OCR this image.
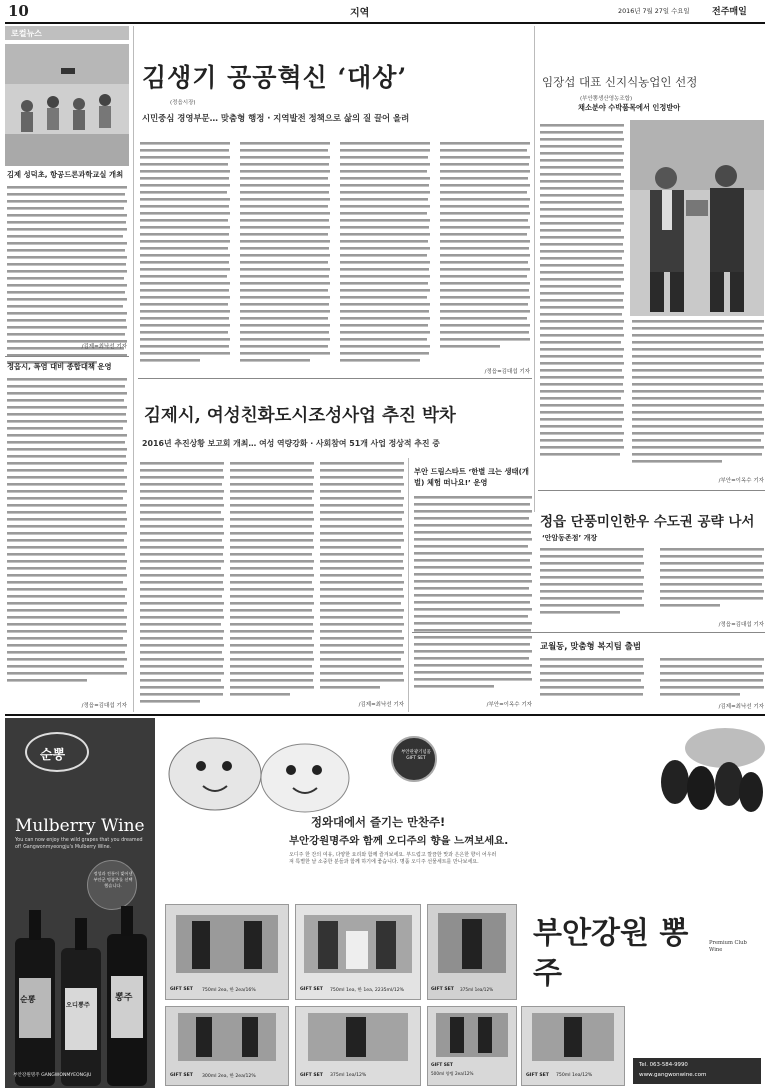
10	지역	2016년 7월 27일 수요일 전주매일
로컬뉴스
김제 성덕초, 항공드론과학교실 개최
/김제=최낙선 기자
정읍시, 폭염 대비 종합대책 운영
/정읍=김대섭 기자
김생기 공공혁신 ‘대상’
(정읍시장)
시민중심 경영부문… 맞춤형 행정 · 지역발전 정책으로 삶의 질 끌어 올려
/정읍=김대섭 기자
임장섭 대표 신지식농업인 선정
(부안뽕생산영농조합)
채소분야 수박품목에서 인정받아
/부안=이옥수 기자
김제시, 여성친화도시조성사업 추진 박차
2016년 추진상황 보고회 개최… 여성 역량강화 · 사회참여 51개 사업 정상적 추진 중
/김제=최낙선 기자
부안 드림스타트 ‘한별 크는 생태(개벌) 체험 떠나요!’ 운영
/부안=이옥수 기자
정읍 단풍미인한우 수도권 공략 나서
‘안암동존점’ 개장
/정읍=김대섭 기자
교월동, 맞춤형 복지팀 출범
/김제=최낙선 기자
순뽕
Mulberry Wine
You can now enjoy the wild grapes that you dreamed of! Gangwonmyeongju's Mulberry Wine.
정성과 전통이 빚어낸 부안군 명품주를 선택했습니다.
순뽕
오디뽕주
뽕주
부안관광기념품 GIFT SET
정와대에서 즐기는 만찬주!
부안강원명주와 함께 오디주의 향을 느껴보세요.
오디주 한 잔의 여유, 다양한 요리와 함께 즐겨보세요. 부드럽고 깔끔한 맛과 은은한 향이 어우러져 특별한 날 소중한 분들과 함께 하기에 좋습니다. 명품 오디주 선물세트를 만나보세요.
GIFT SET 750ml 2ea, 한 2ea/16%	GIFT SET 750ml 1ea, 한 1ea, 2235ml/12%	GIFT SET 375ml 1ea/12%
GIFT SET 300ml 2ea, 한 2ea/12%	GIFT SET 375ml 1ea/12%
GIFT SET
500ml 양병 2ea/12%	GIFT SET 750ml 1ea/12%
부안강원 뽕주
Premium Club Wine
부안강원명주 GANGWONMYEONGJU
Tel. 063-584-9990
www.gangwonwine.com
